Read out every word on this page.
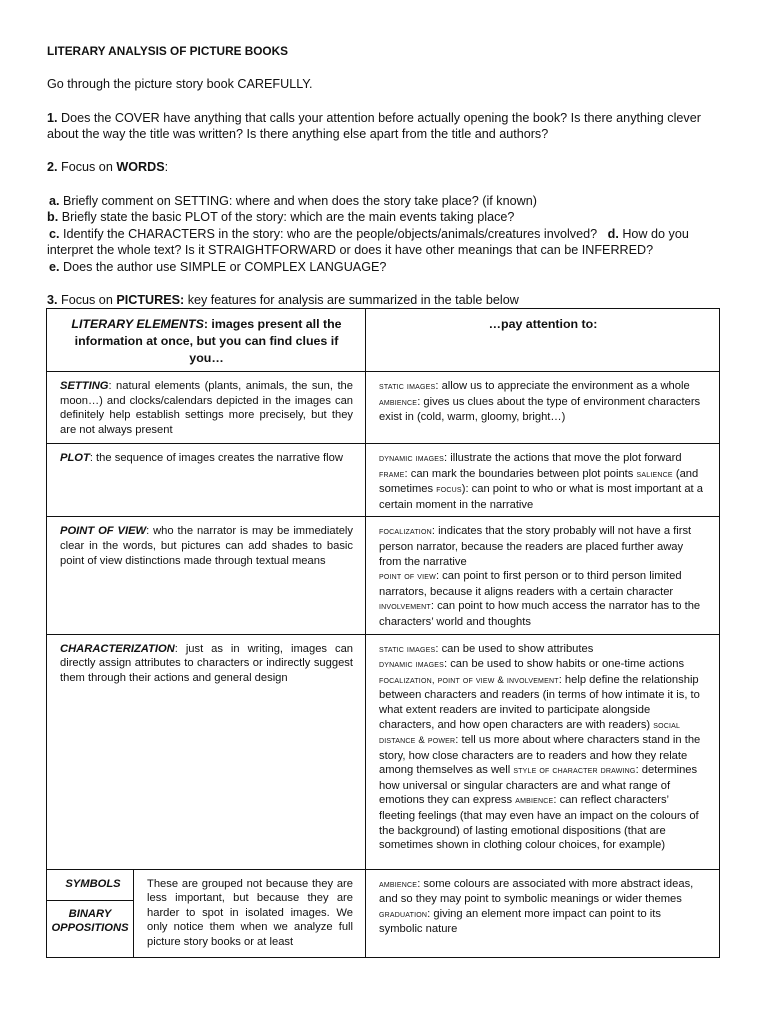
LITERARY ANALYSIS OF PICTURE BOOKS
Go through the picture story book CAREFULLY.
1. Does the COVER have anything that calls your attention before actually opening the book? Is there anything clever
about the way the title was written? Is there anything else apart from the title and authors?
2. Focus on WORDS:
a. Briefly comment on SETTING: where and when does the story take place? (if known)
b. Briefly state the basic PLOT of the story: which are the main events taking place?
c. Identify the CHARACTERS in the story: who are the people/objects/animals/creatures involved? d. How do you
interpret the whole text? Is it STRAIGHTFORWARD or does it have other meanings that can be INFERRED?
e. Does the author use SIMPLE or COMPLEX LANGUAGE?
3. Focus on PICTURES: key features for analysis are summarized in the table below
LITERARY ELEMENTS: images present all the information at once, but you can find clues if you…	…pay attention to:
SETTING: natural elements (plants, animals, the sun, the moon…) and clocks/calendars depicted in the images can definitely help establish settings more precisely, but they are not always present	static images: allow us to appreciate the environment as a whole ambience: gives us clues about the type of environment characters exist in (cold, warm, gloomy, bright…)
PLOT: the sequence of images creates the narrative flow	dynamic images: illustrate the actions that move the plot forward frame: can mark the boundaries between plot points salience (and sometimes focus): can point to who or what is most important at a certain moment in the narrative
POINT OF VIEW: who the narrator is may be immediately clear in the words, but pictures can add shades to basic point of view distinctions made through textual means	focalization: indicates that the story probably will not have a first person narrator, because the readers are placed further away from the narrative
point of view: can point to first person or to third person limited narrators, because it aligns readers with a certain character involvement: can point to how much access the narrator has to the characters’ world and thoughts
CHARACTERIZATION: just as in writing, images can directly assign attributes to characters or indirectly suggest them through their actions and general design	static images: can be used to show attributes
dynamic images: can be used to show habits or one-time actions focalization, point of view & involvement: help define the relationship between characters and readers (in terms of how intimate it is, to what extent readers are invited to participate alongside characters, and how open characters are with readers) social distance & power: tell us more about where characters stand in the story, how close characters are to readers and how they relate among themselves as well style of character drawing: determines how universal or singular characters are and what range of emotions they can express ambience: can reflect characters’ fleeting feelings (that may even have an impact on the colours of the background) of lasting emotional dispositions (that are sometimes shown in clothing colour choices, for example)

SYMBOLS
BINARY OPPOSITIONS
	These are grouped not because they are less important, but because they are harder to spot in isolated images. We only notice them when we analyze full picture story books or at least	ambience: some colours are associated with more abstract ideas, and so they may point to symbolic meanings or wider themes graduation: giving an element more impact can point to its symbolic nature
